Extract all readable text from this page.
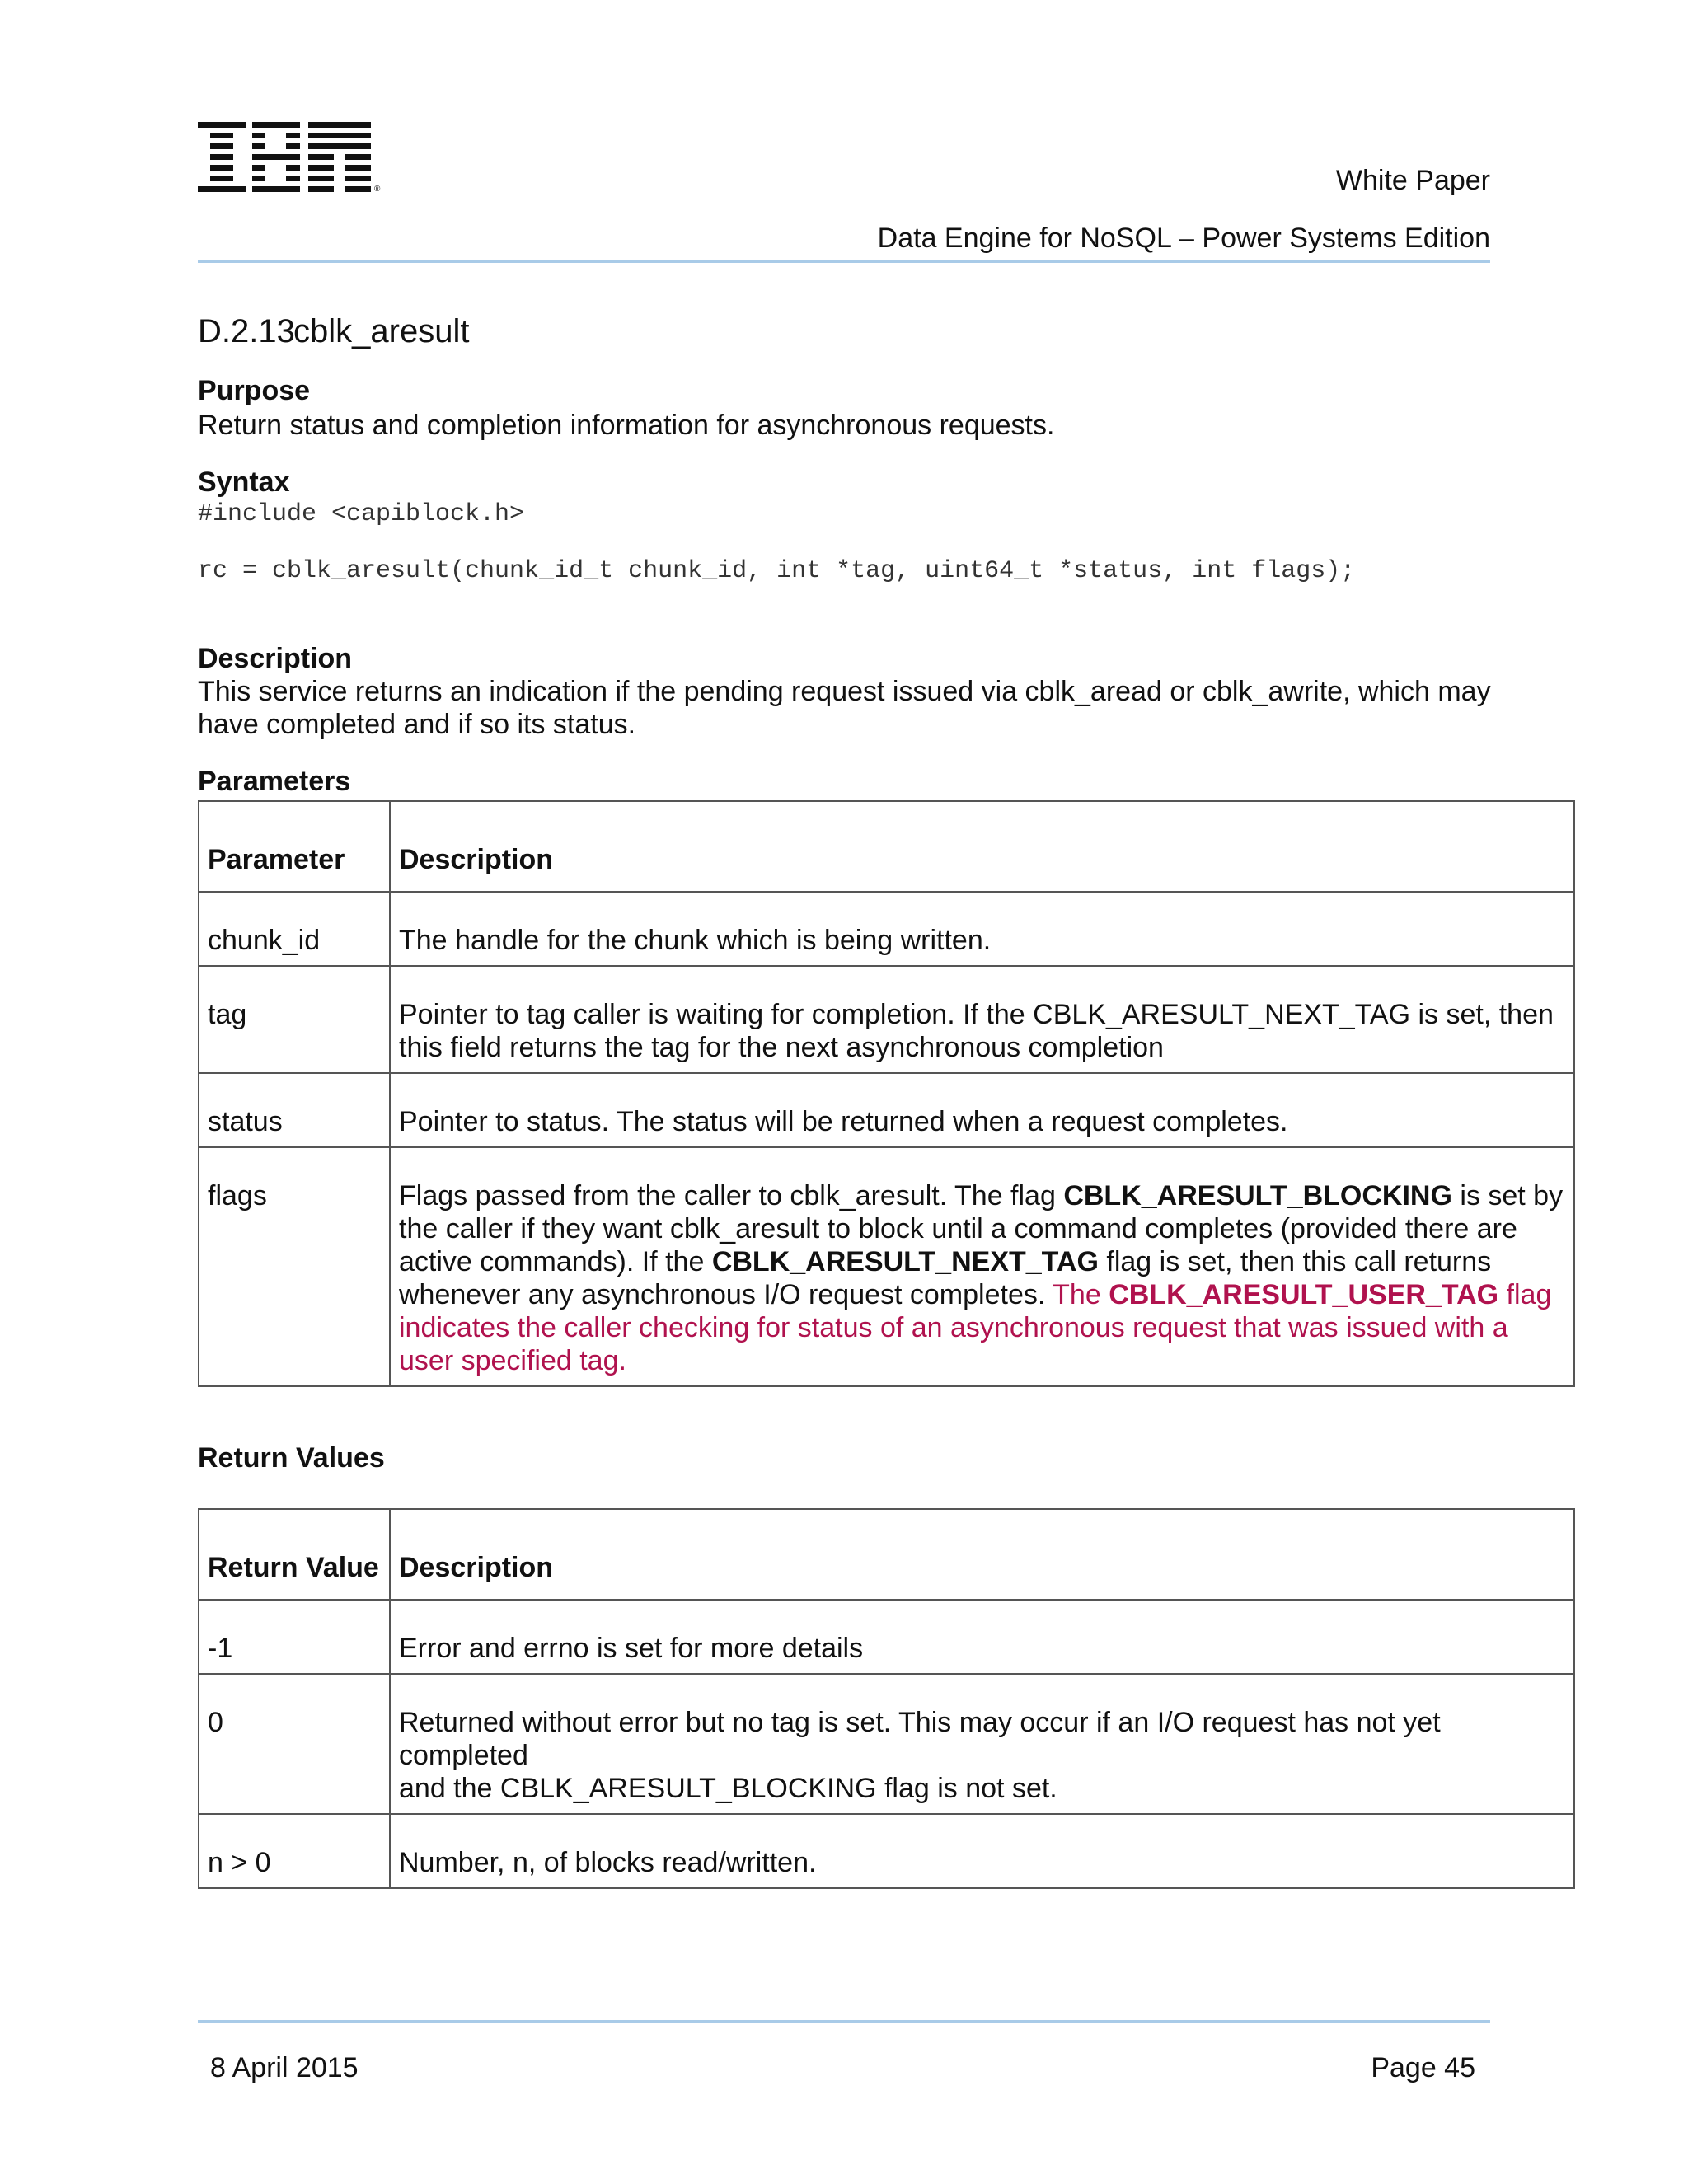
®	White Paper
Data Engine for NoSQL – Power Systems Edition
D.2.13cblk_aresult
Purpose
Return status and completion information for asynchronous requests.
Syntax
#include <capiblock.h>
rc = cblk_aresult(chunk_id_t chunk_id, int *tag, uint64_t *status, int flags);
Description
This service returns an indication if the pending request issued via cblk_aread or cblk_awrite, which may
have completed and if so its status.
Parameters
Parameter	Description
chunk_id	The handle for the chunk which is being written.
tag	Pointer to tag caller is waiting for completion. If the CBLK_ARESULT_NEXT_TAG is set, then
this field returns the tag for the next asynchronous completion

status	Pointer to status. The status will be returned when a request completes.
flags	Flags passed from the caller to cblk_aresult. The flag CBLK_ARESULT_BLOCKING is set by the caller if they want cblk_aresult to block until a command completes (provided there are active commands). If the CBLK_ARESULT_NEXT_TAG flag is set, then this call returns whenever any asynchronous I/O request completes. The CBLK_ARESULT_USER_TAG flag indicates the caller checking for status of an asynchronous request that was issued with a user specified tag.
Return Values
Return Value	Description
-1	Error and errno is set for more details
0	Returned without error but no tag is set. This may occur if an I/O request has not yet completed
and the CBLK_ARESULT_BLOCKING flag is not set.

n > 0	Number, n, of blocks read/written.
8 April 2015	Page 45
